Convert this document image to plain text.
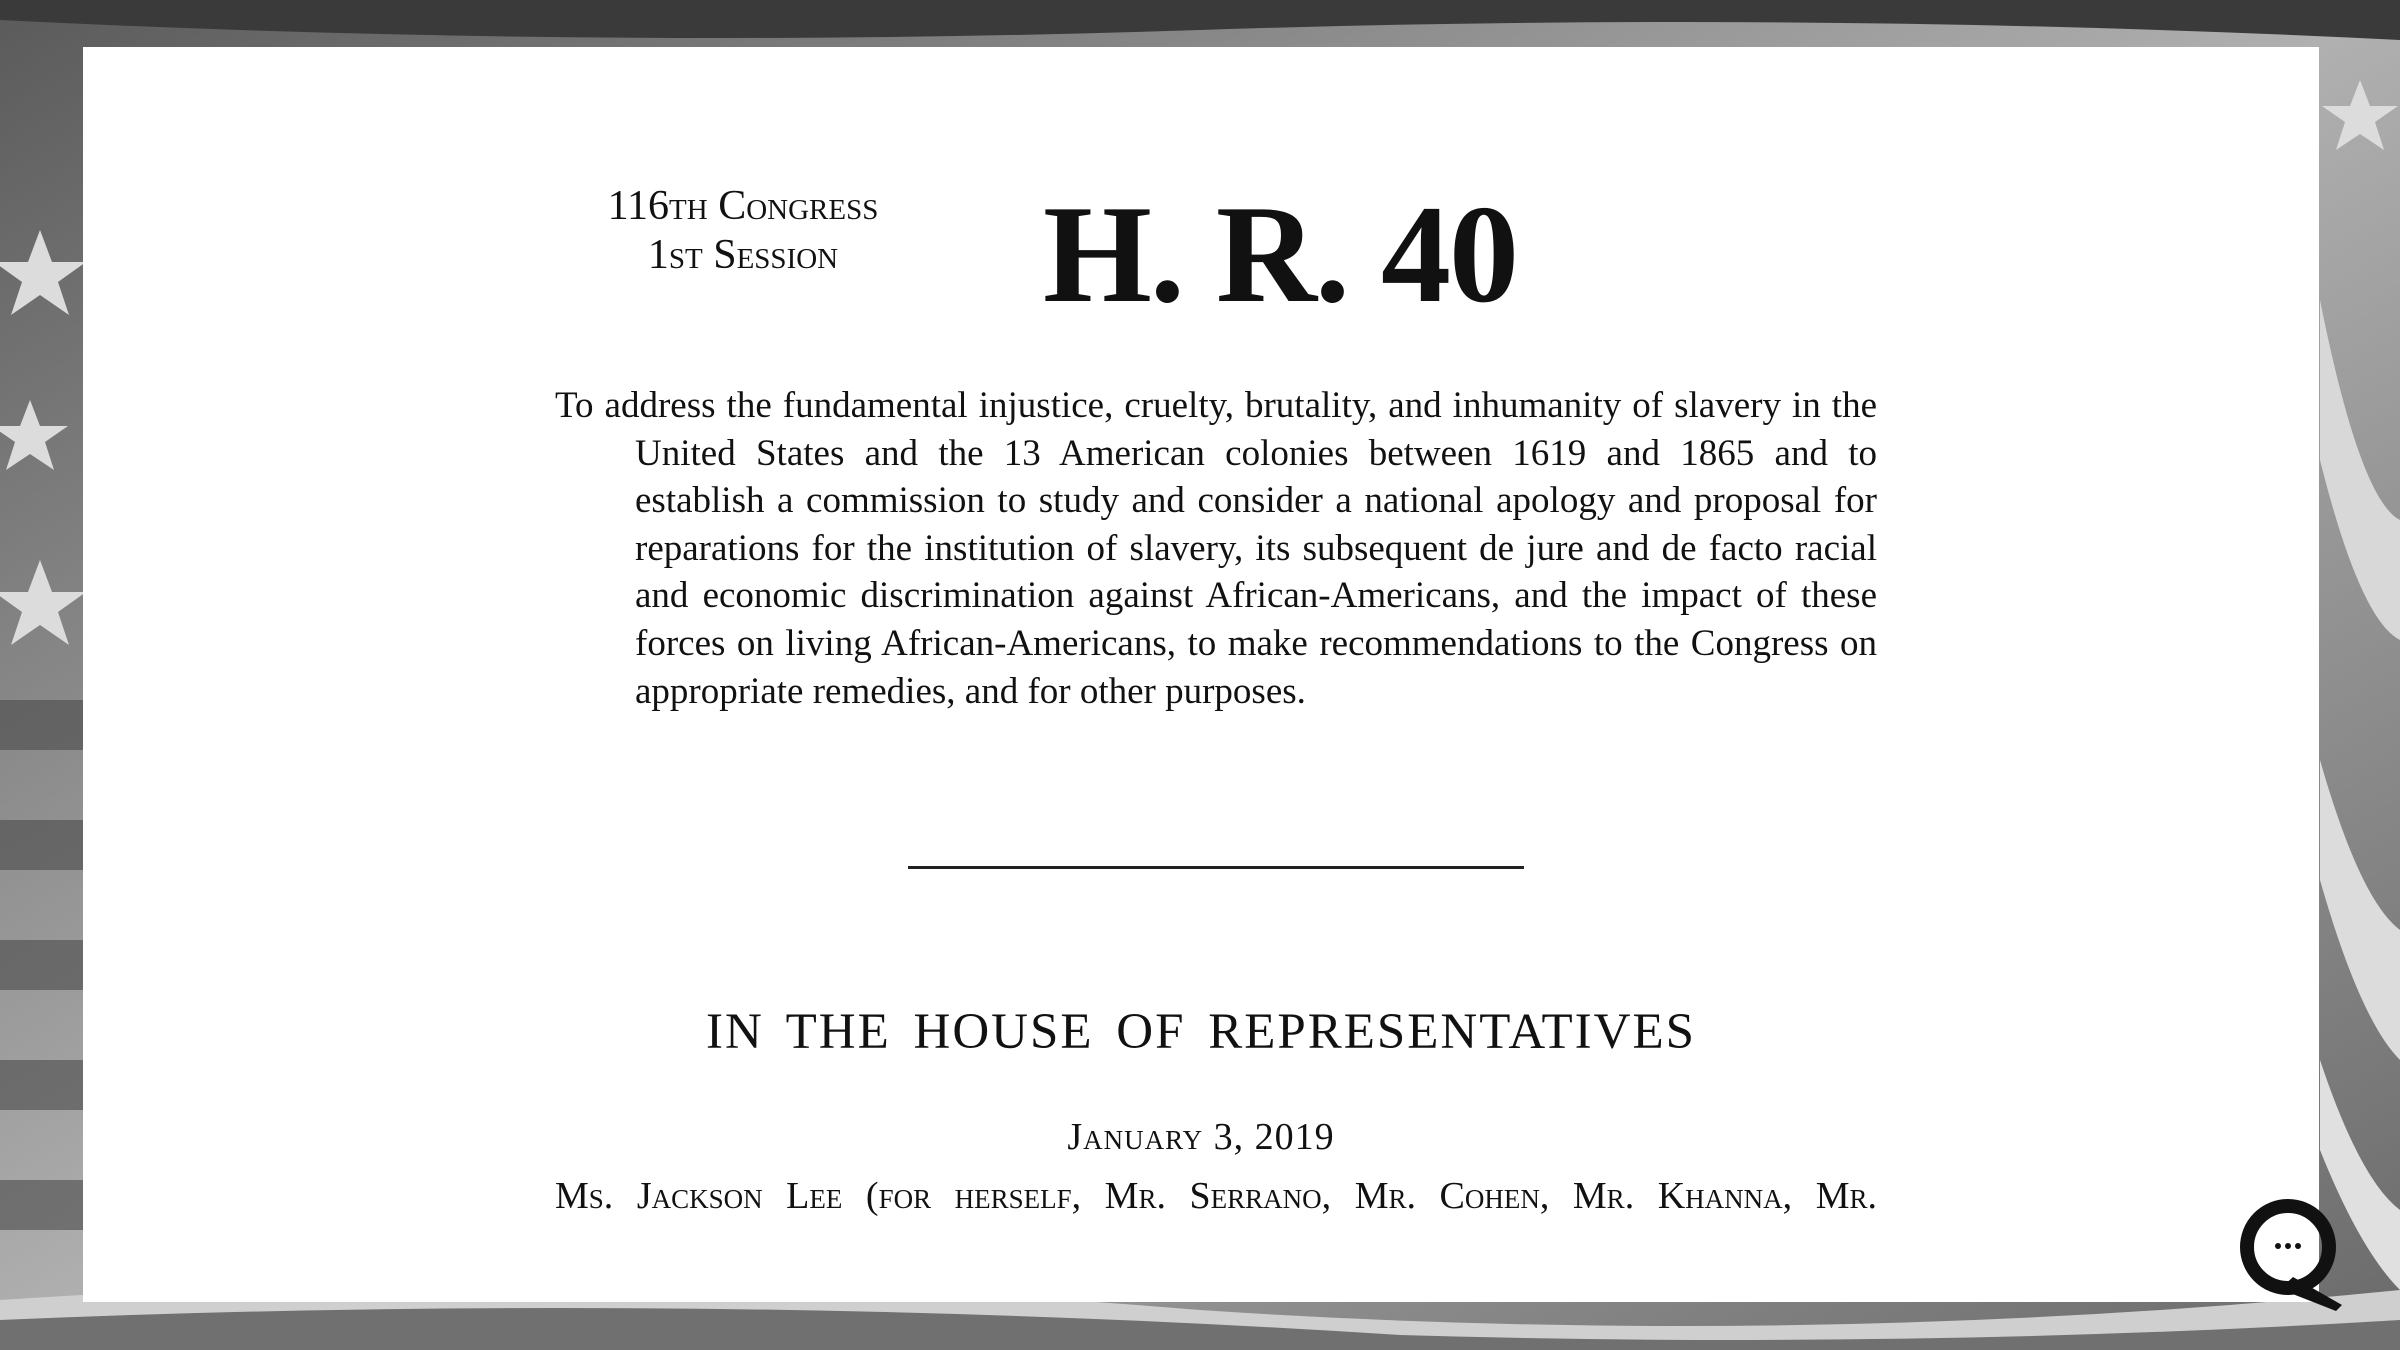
116th Congress
1st Session	H. R. 40
To address the fundamental injustice, cruelty, brutality, and inhumanity of slavery in the United States and the 13 American colonies between 1619 and 1865 and to establish a commission to study and consider a national apology and proposal for reparations for the institution of slavery, its subsequent de jure and de facto racial and economic discrimination against African-Americans, and the impact of these forces on living African-Americans, to make recommendations to the Congress on appropriate remedies, and for other purposes.
IN THE HOUSE OF REPRESENTATIVES
January 3, 2019
Ms. Jackson Lee (for herself, Mr. Serrano, Mr. Cohen, Mr. Khanna, Mr.
